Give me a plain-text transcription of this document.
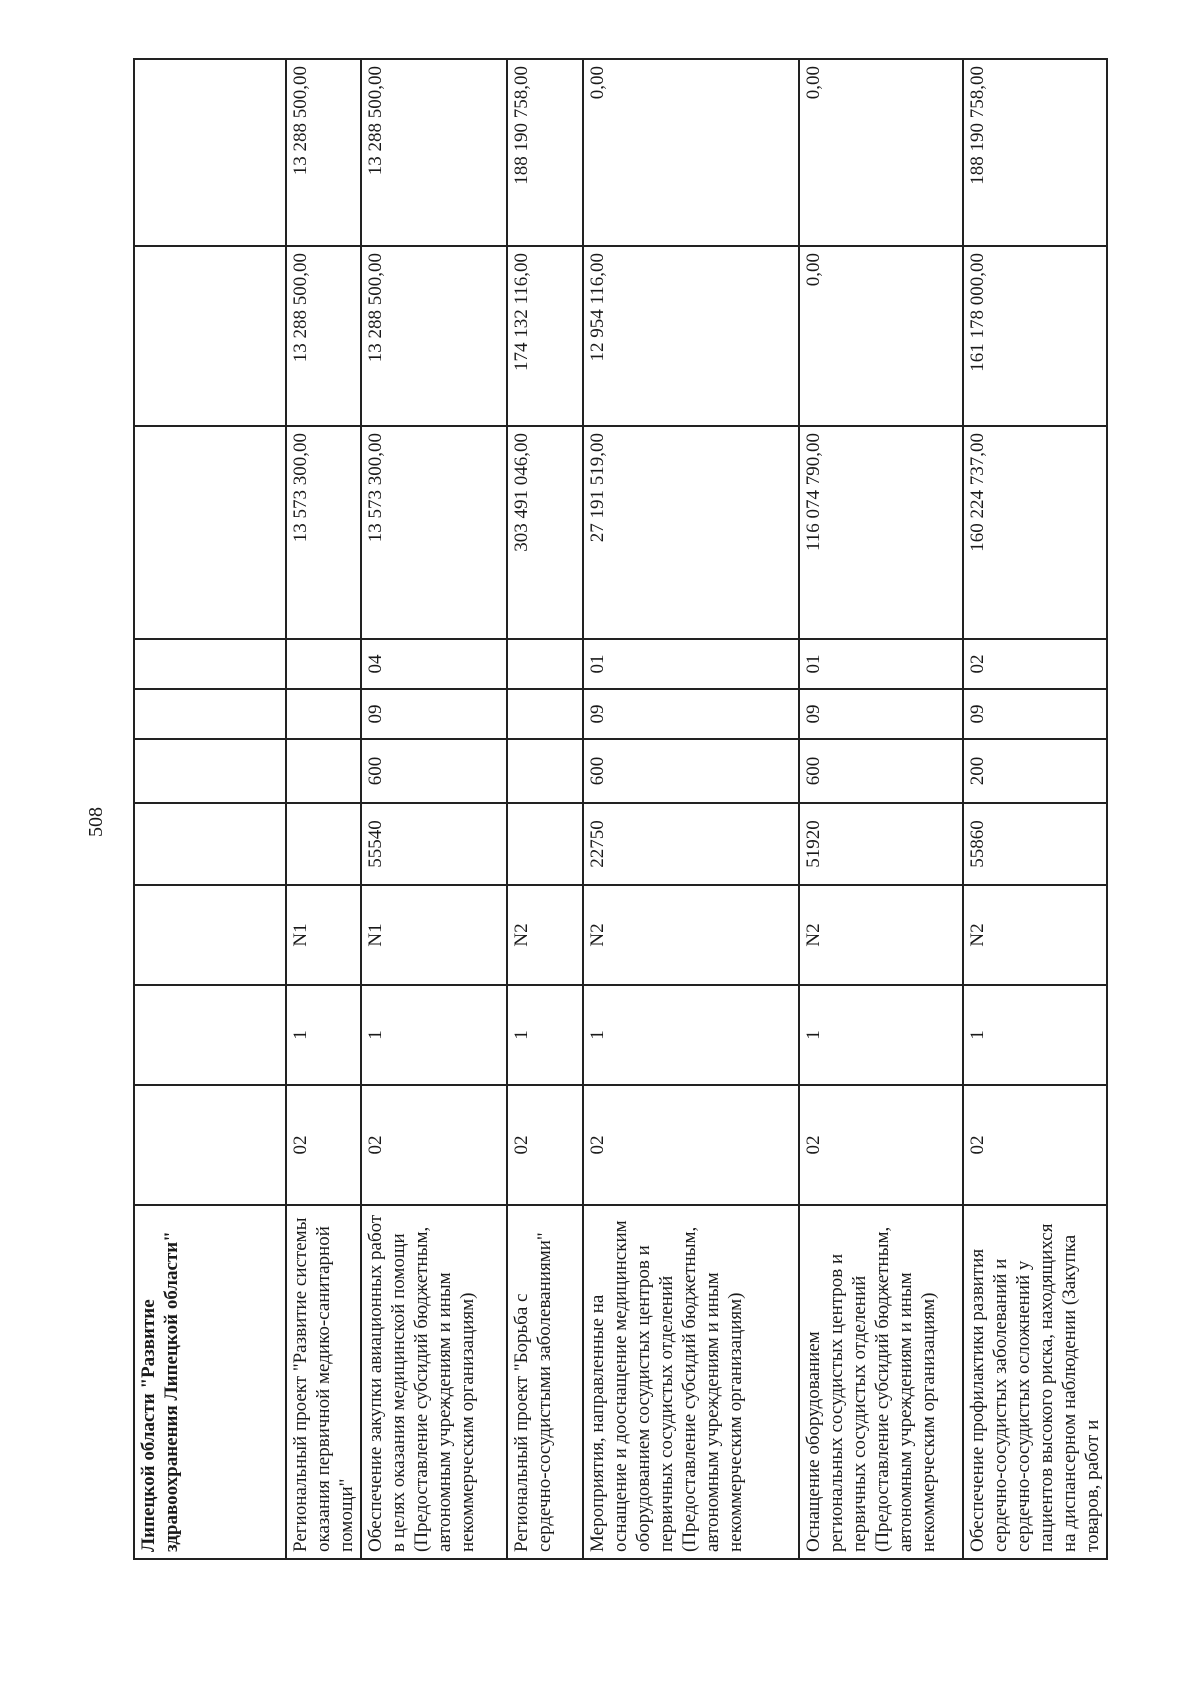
508
Липецкой области "Развитие здравоохранения Липецкой области"										
Региональный проект "Развитие системы оказания первичной медико-санитарной помощи"	02	1	N1					13 573 300,00	13 288 500,00	13 288 500,00
Обеспечение закупки авиационных работ в целях оказания медицинской помощи (Предоставление субсидий бюджетным, автономным учреждениям и иным некоммерческим организациям)	02	1	N1	55540	600	09	04	13 573 300,00	13 288 500,00	13 288 500,00
Региональный проект "Борьба с сердечно-сосудистыми заболеваниями"	02	1	N2					303 491 046,00	174 132 116,00	188 190 758,00
Мероприятия, направленные на оснащение и дооснащение медицинским оборудованием сосудистых центров и первичных сосудистых отделений (Предоставление субсидий бюджетным, автономным учреждениям и иным некоммерческим организациям)	02	1	N2	22750	600	09	01	27 191 519,00	12 954 116,00	0,00
Оснащение оборудованием региональных сосудистых центров и первичных сосудистых отделений (Предоставление субсидий бюджетным, автономным учреждениям и иным некоммерческим организациям)	02	1	N2	51920	600	09	01	116 074 790,00	0,00	0,00
Обеспечение профилактики развития сердечно-сосудистых заболеваний и сердечно-сосудистых осложнений у пациентов высокого риска, находящихся на диспансерном наблюдении (Закупка товаров, работ и	02	1	N2	55860	200	09	02	160 224 737,00	161 178 000,00	188 190 758,00
